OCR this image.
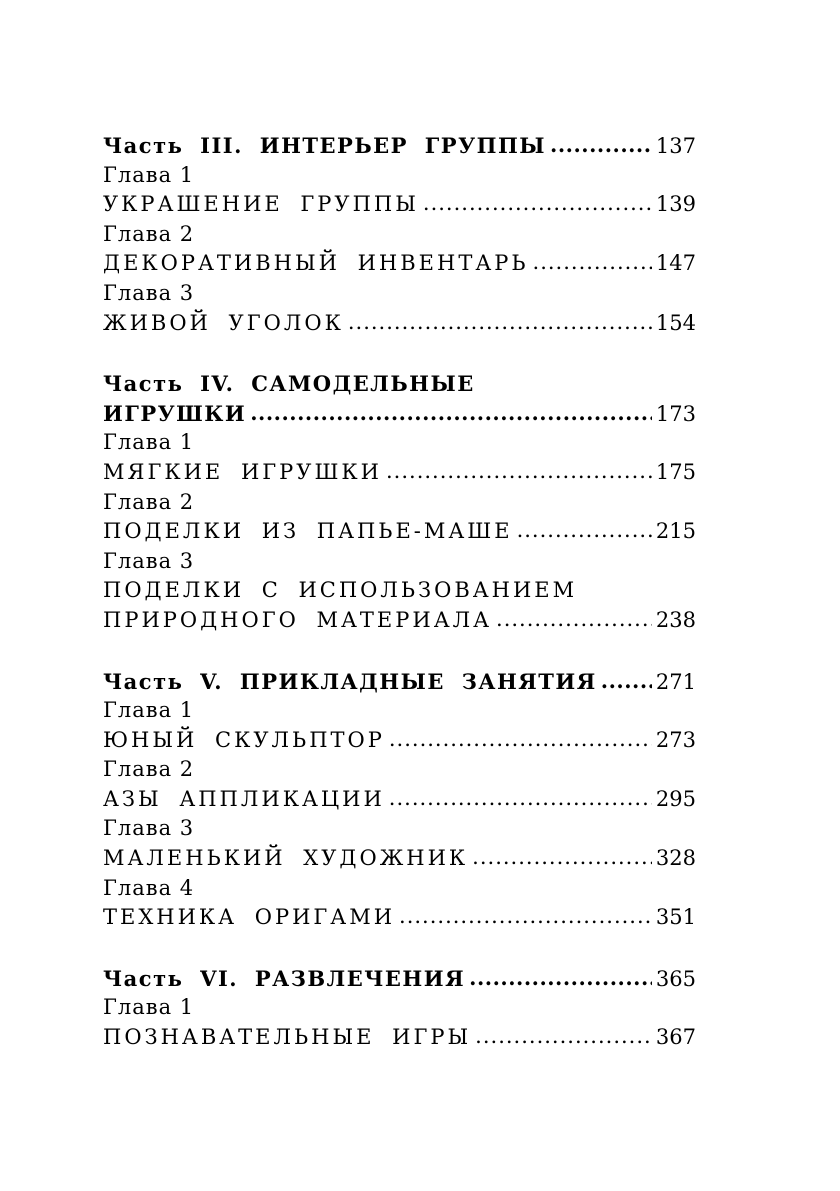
Часть III. ИНТЕРЬЕР ГРУППЫ .....	137
Глава 1
УКРАШЕНИЕ ГРУППЫ .....	139
Глава 2
ДЕКОРАТИВНЫЙ ИНВЕНТАРЬ .....	147
Глава 3
ЖИВОЙ УГОЛОК .....	154
Часть IV. САМОДЕЛЬНЫЕ
ИГРУШКИ .....	173
Глава 1
МЯГКИЕ ИГРУШКИ .....	175
Глава 2
ПОДЕЛКИ ИЗ ПАПЬЕ-МАШЕ .....	215
Глава 3
ПОДЕЛКИ С ИСПОЛЬЗОВАНИЕМ
ПРИРОДНОГО МАТЕРИАЛА .....	238
Часть V. ПРИКЛАДНЫЕ ЗАНЯТИЯ .....	271
Глава 1
ЮНЫЙ СКУЛЬПТОР .....	273
Глава 2
АЗЫ АППЛИКАЦИИ .....	295
Глава 3
МАЛЕНЬКИЙ ХУДОЖНИК .....	328
Глава 4
ТЕХНИКА ОРИГАМИ .....	351
Часть VI. РАЗВЛЕЧЕНИЯ .....	365
Глава 1
ПОЗНАВАТЕЛЬНЫЕ ИГРЫ .....	367
